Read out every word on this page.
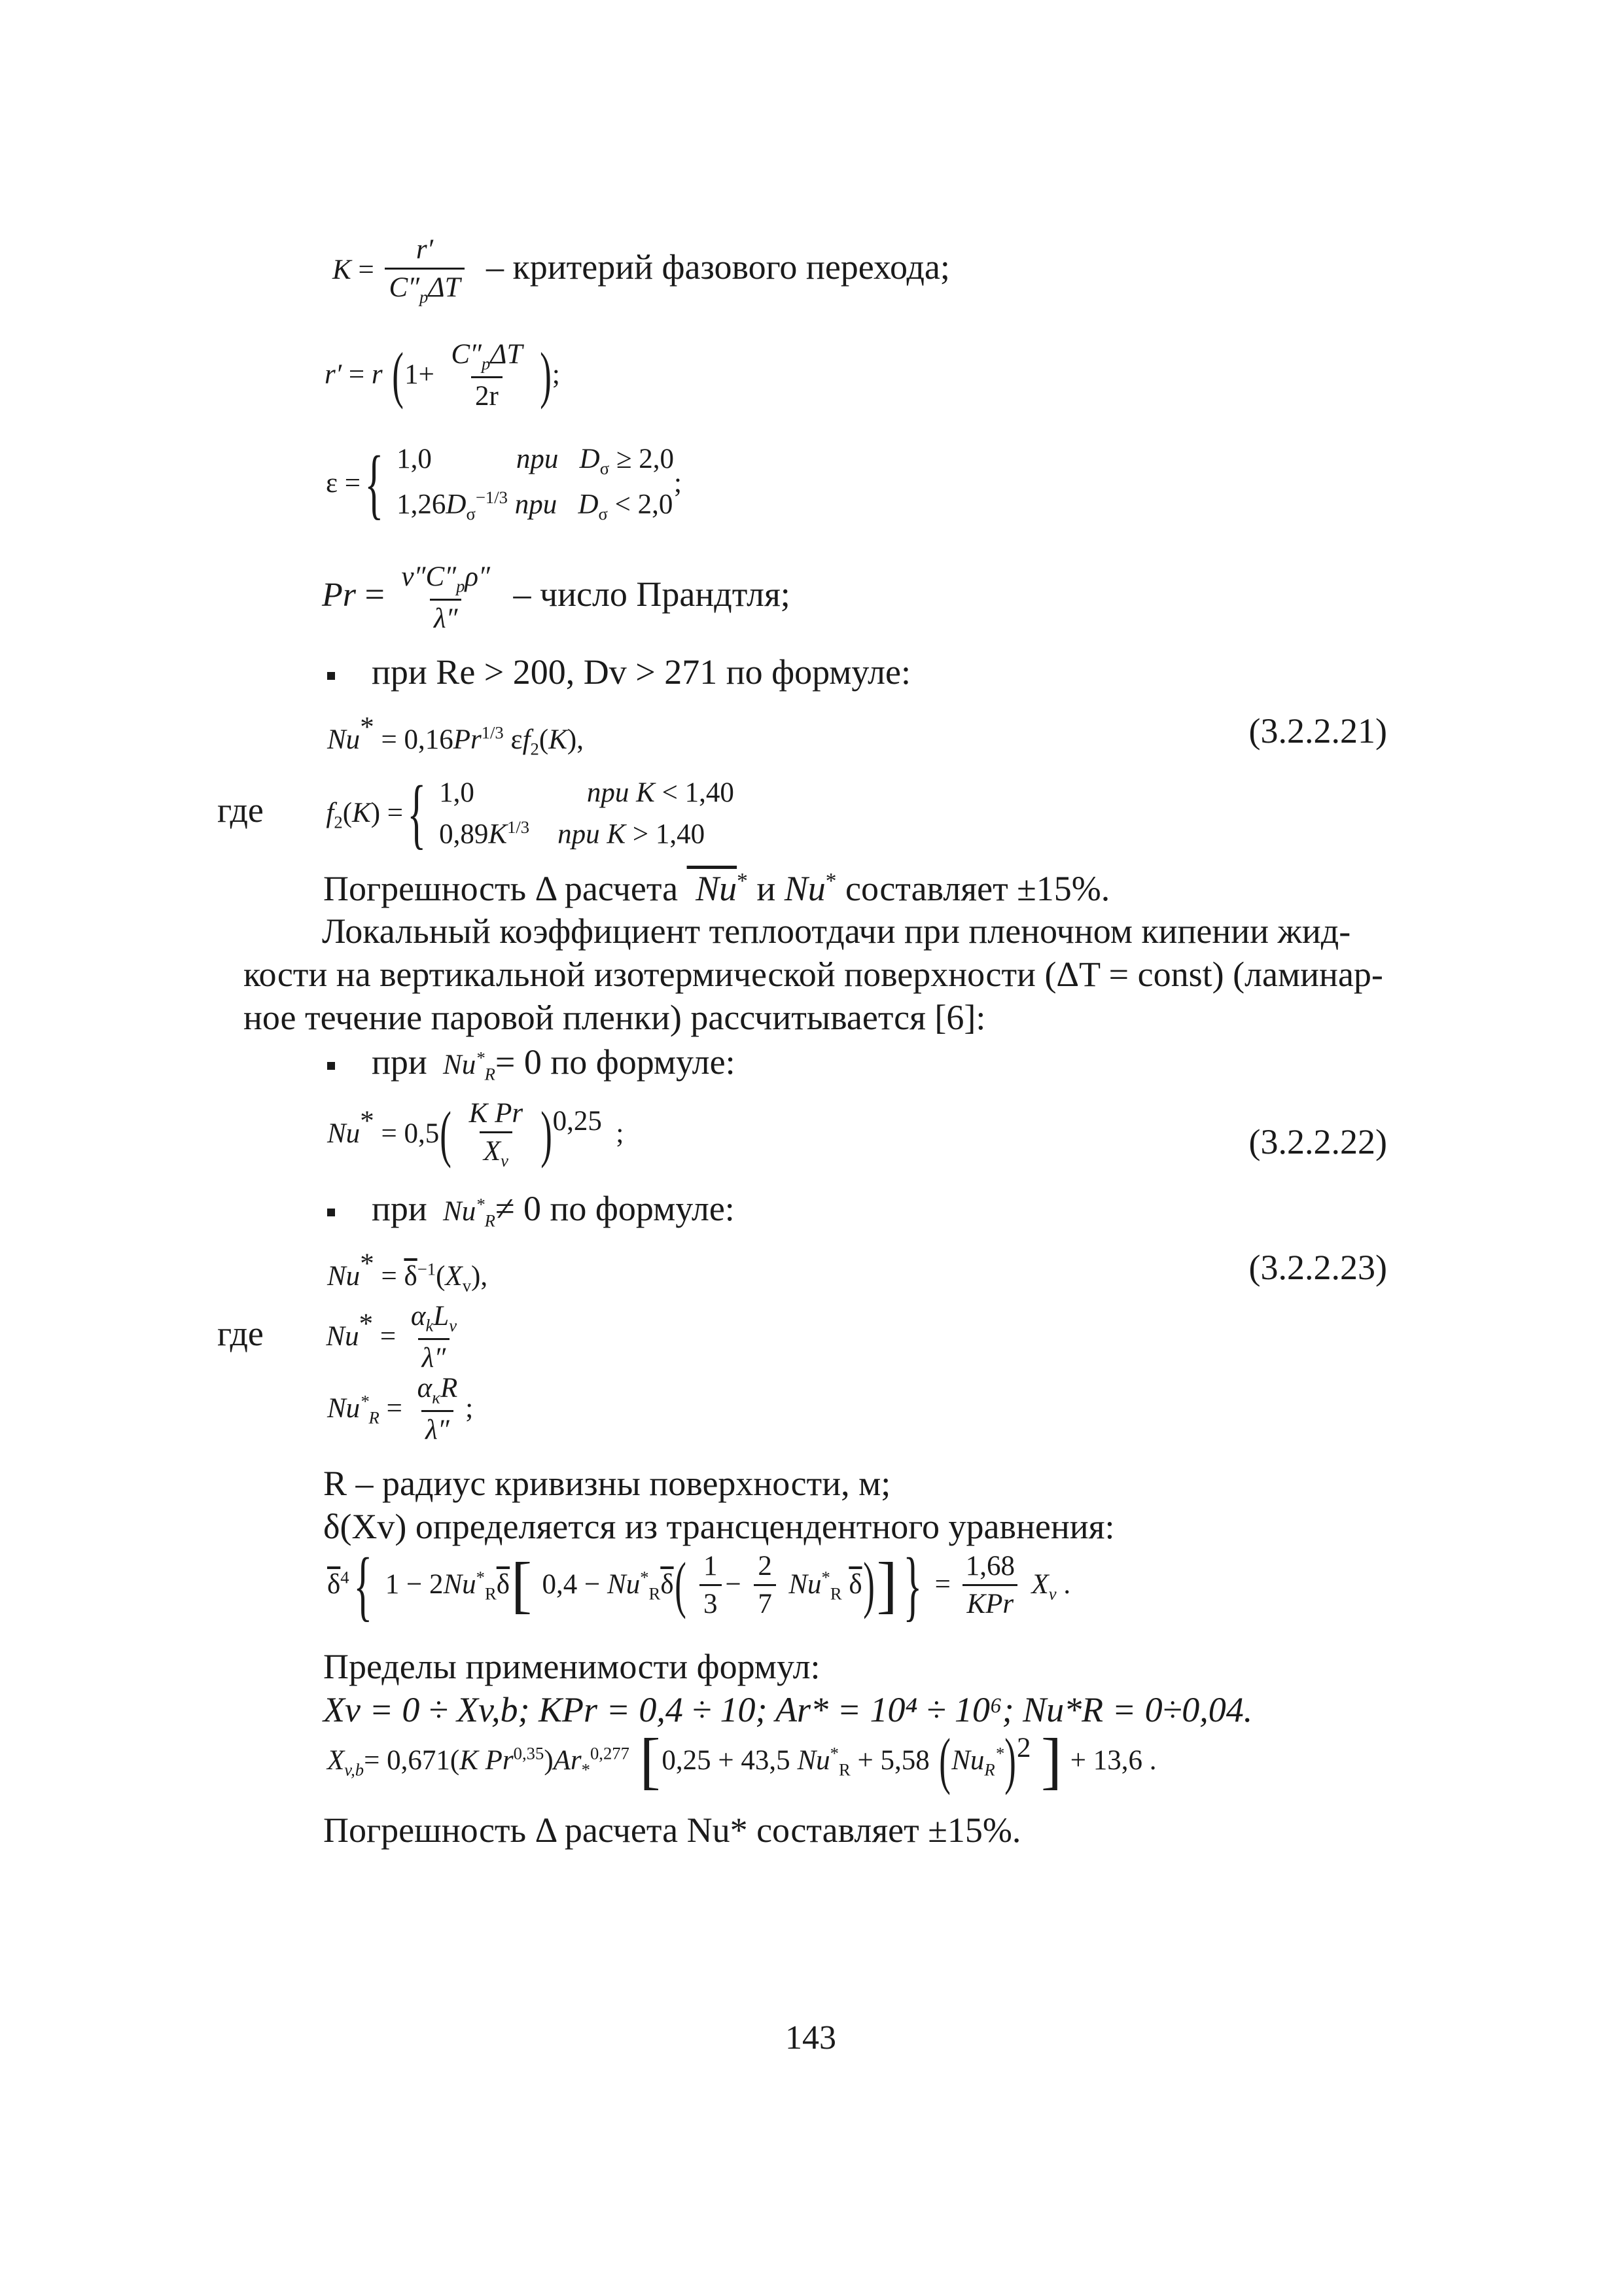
$K = \frac{r'}{C''_p\Delta T}$ – критерий фазового перехода;
r′ = r ($1+ \frac{C''_p\Delta T}{2r}$ );
ε ={ 1,0            при $D_\sigma \ge 2,0$
$1,26D_\sigma^{-1/3}$ при $D_\sigma < 2,0$
;
$Pr = \frac{\nu''C''_p\rho''}{\lambda''}$ – число Прандтля;
при Re > 200, Dv > 271 по формуле:
$Nu^* = 0,16Pr^{1/3}$ $\varepsilon f_2(K)$,	(3.2.2.21)
где $f_2(K)$ ={ 1,0                при K < 1,40
$0,89K^{1/3}$ при K > 1,40
Погрешность Δ расчета  Nu* и Nu* составляет ±15%.
Локальный коэффициент теплоотдачи при пленочном кипении жид-
кости на вертикальной изотермической поверхности (ΔT = const) (ламинар-
ное течение паровой пленки) рассчитывается [6]:
при  $Nu^*_R= 0$ по формуле:
$Nu^* = 0,5( \frac{\text{K Pr}}{X_v} )^{0,25}$  ;	(3.2.2.22)
при  $Nu^*_R\ne 0$ по формуле:
$Nu^* = \overline{\delta}^{-1}(X_v)$,	(3.2.2.23)
где $Nu^* = \frac{\alpha_kL_v}{\lambda''}$
$Nu^*_R = \frac{\alpha_\kappa R}{\lambda''}$ ;
R – радиус кривизны поверхности, м;
δ(Xv) определяется из трансцендентного уравнения:
$\overline{\delta}^4${ $1 - 2Nu^*_R\overline{\delta}$[ $0,4 - Nu^*_R\overline{\delta}( \frac{1}{3} - \frac{2}{7} Nu^*_R$ $\overline{\delta})]\} = \frac{1,68}{\text{KPr}} X_v$ .
Пределы применимости формул:
Xv = 0 ÷ Xv,b; KPr = 0,4 ÷ 10; Ar* = 10⁴ ÷ 10⁶; Nu*R = 0÷0,04.
$X_{v,b}= 0,671(K$ $Pr^{0,35})Ar_*^{0,277}$ [0,25 + 43,5 $Nu^*_R + 5,58$ $(Nu_R^*)^2$ ] + 13,6 .
Погрешность Δ расчета Nu* составляет ±15%.
143
